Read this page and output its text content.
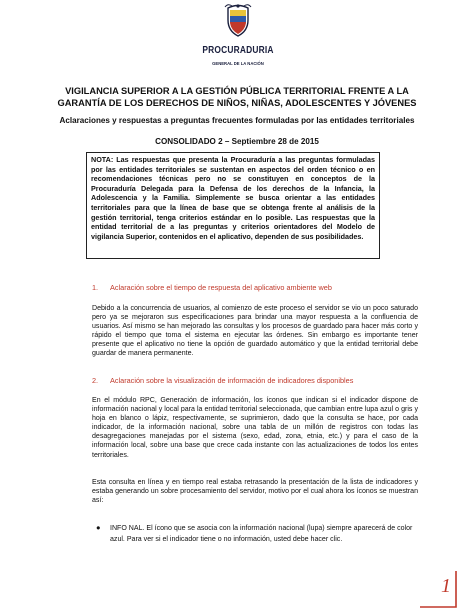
PROCURADURIA
GENERAL DE LA NACIÓN
VIGILANCIA SUPERIOR A LA GESTIÓN PÚBLICA TERRITORIAL FRENTE A LA GARANTÍA DE LOS DERECHOS DE NIÑOS, NIÑAS, ADOLESCENTES Y JÓVENES
Aclaraciones y respuestas a preguntas frecuentes formuladas por las entidades territoriales
CONSOLIDADO 2 – Septiembre 28 de 2015
NOTA: Las respuestas que presenta la Procuraduría a las preguntas formuladas por las entidades territoriales se sustentan en aspectos del orden técnico o en recomendaciones técnicas pero no se constituyen en conceptos de la Procuraduría Delegada para la Defensa de los derechos de la Infancia, la Adolescencia y la Familia. Simplemente se busca orientar a las entidades territoriales para que la línea de base que se obtenga frente al análisis de la gestión territorial, tenga criterios estándar en lo posible. Las respuestas que la entidad territorial de a las preguntas y criterios orientadores del Modelo de vigilancia Superior, contenidos en el aplicativo, dependen de sus posibilidades.
1. Aclaración sobre el tiempo de respuesta del aplicativo ambiente web
Debido a la concurrencia de usuarios, al comienzo de este proceso el servidor se vio un poco saturado pero ya se mejoraron sus especificaciones para brindar una mayor respuesta a la confluencia de usuarios. Así mismo se han mejorado las consultas y los procesos de guardado para hacer más corto y rápido el tiempo que toma el sistema en ejecutar las órdenes. Sin embargo es importante tener presente que el aplicativo no tiene la opción de guardado automático y que la entidad territorial debe guardar de manera permanente.
2. Aclaración sobre la visualización de información de indicadores disponibles
En el módulo RPC, Generación de información, los íconos que indican si el indicador dispone de información nacional y local para la entidad territorial seleccionada, que cambian entre lupa azul o gris y hoja en blanco o lápiz, respectivamente, se suprimieron, dado que la consulta se hace, por cada indicador, de la información nacional, sobre una tabla de un millón de registros con todas las desagregaciones manejadas por el sistema (sexo, edad, zona, etnia, etc.) y para el caso de la información local, sobre una base que crece cada instante con las actualizaciones de todos los entes territoriales.
Esta consulta en línea y en tiempo real estaba retrasando la presentación de la lista de indicadores y estaba generando un sobre procesamiento del servidor, motivo por el cual ahora los íconos se muestran así:
●	INFO NAL. El ícono que se asocia con la información nacional (lupa) siempre aparecerá de color azul. Para ver si el indicador tiene o no información, usted debe hacer clic.
1
